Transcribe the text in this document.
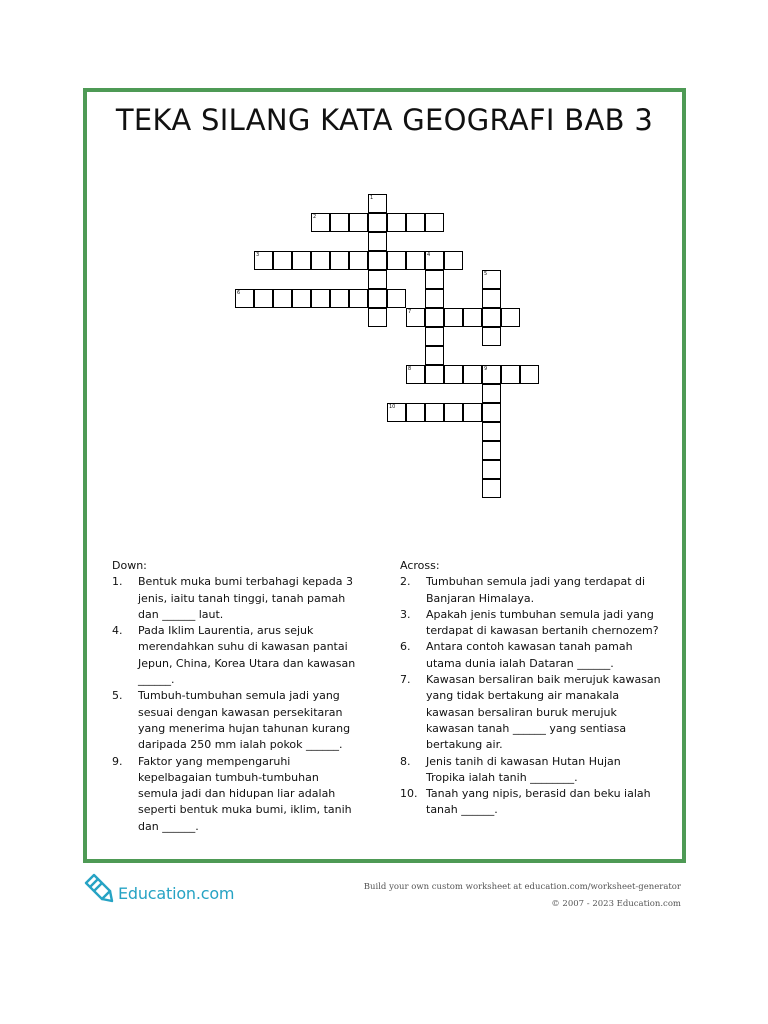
TEKA SILANG KATA GEOGRAFI BAB 3
1
2
3	4
5
6
7
8	9
10
Down:
1.	Bentuk muka bumi terbahagi kepada 3 jenis, iaitu tanah tinggi, tanah pamah dan ______ laut.
4.	Pada Iklim Laurentia, arus sejuk merendahkan suhu di kawasan pantai Jepun, China, Korea Utara dan kawasan ______.
5.	Tumbuh-tumbuhan semula jadi yang sesuai dengan kawasan persekitaran yang menerima hujan tahunan kurang daripada 250 mm ialah pokok ______.
9.	Faktor yang mempengaruhi kepelbagaian tumbuh-tumbuhan semula jadi dan hidupan liar adalah seperti bentuk muka bumi, iklim, tanih dan ______.
Across:
2.	Tumbuhan semula jadi yang terdapat di Banjaran Himalaya.
3.	Apakah jenis tumbuhan semula jadi yang terdapat di kawasan bertanih chernozem?
6.	Antara contoh kawasan tanah pamah utama dunia ialah Dataran ______.
7.	Kawasan bersaliran baik merujuk kawasan yang tidak bertakung air manakala kawasan bersaliran buruk merujuk kawasan tanah ______ yang sentiasa bertakung air.
8.	Jenis tanih di kawasan Hutan Hujan Tropika ialah tanih ________.
10. Tanah yang nipis, berasid dan beku ialah tanah ______.
Education.com	Build your own custom worksheet at education.com/worksheet-generator
© 2007 - 2023 Education.com
